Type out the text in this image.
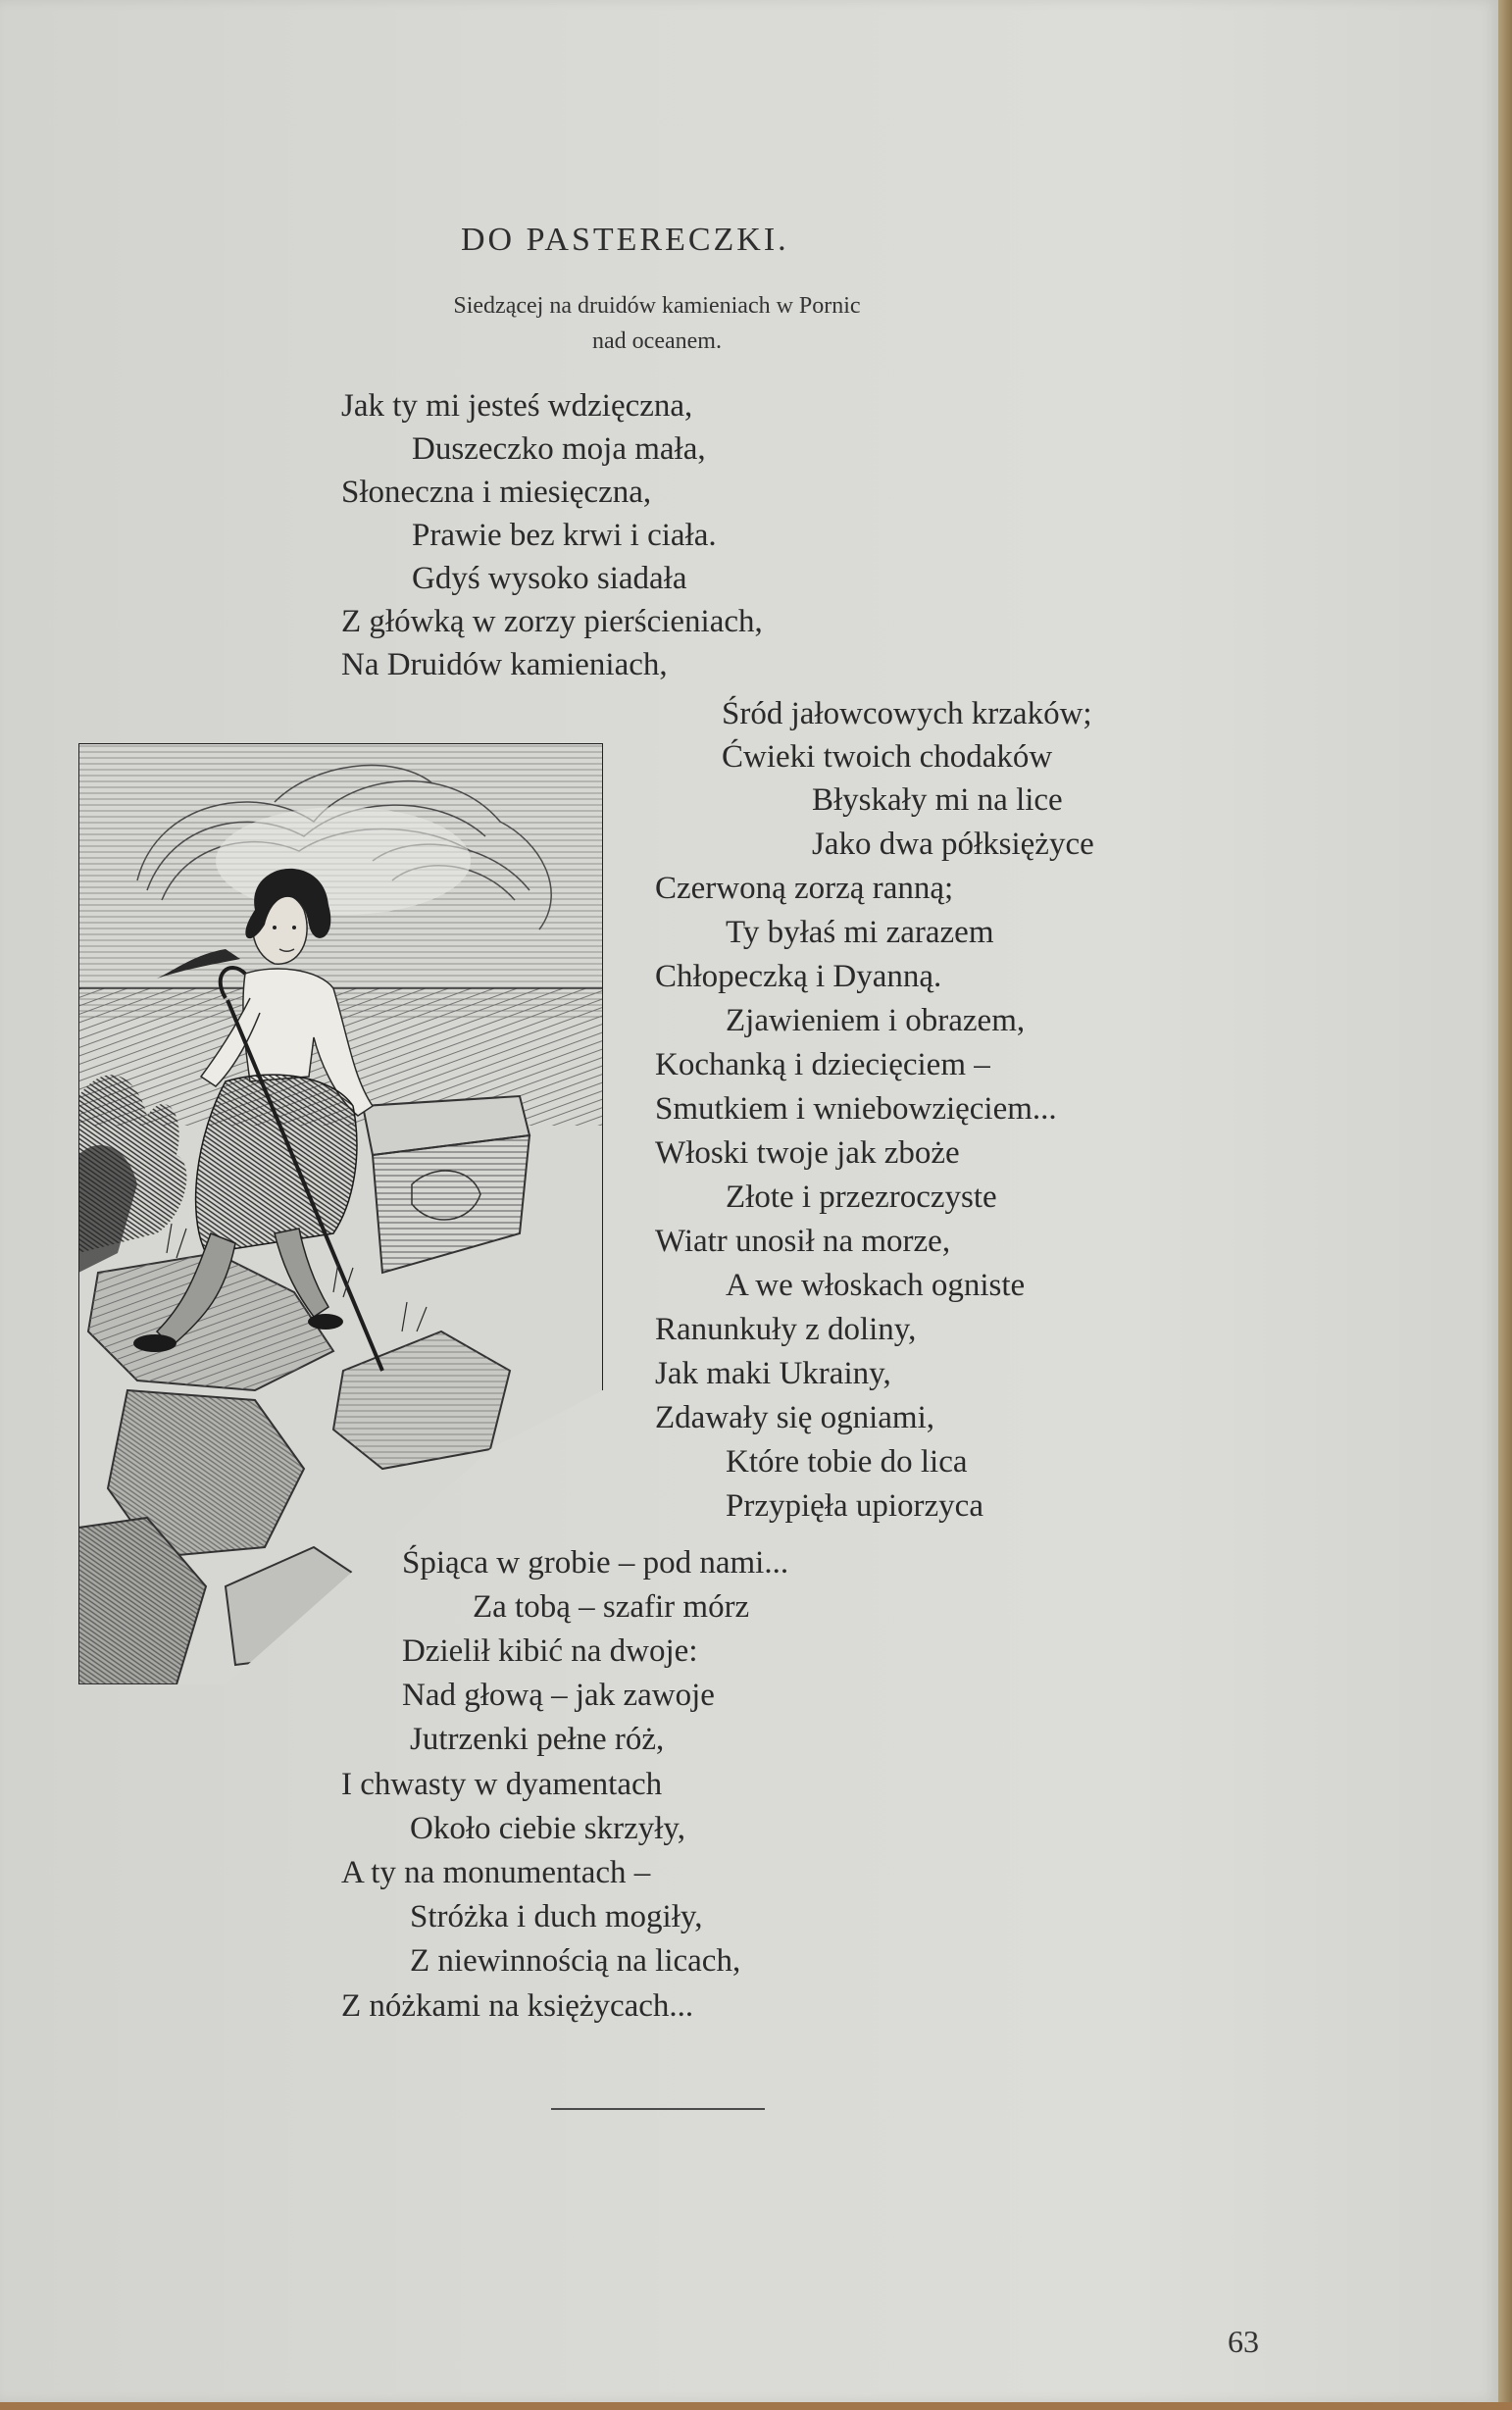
DO PASTERECZKI.
Siedzącej na druidów kamieniach w Pornic
nad oceanem.
Jak ty mi jesteś wdzięczna,
Duszeczko moja mała,
Słoneczna i miesięczna,
Prawie bez krwi i ciała.
Gdyś wysoko siadała
Z główką w zorzy pierścieniach,
Na Druidów kamieniach,
Śród jałowcowych krzaków;
Ćwieki twoich chodaków
Błyskały mi na lice
Jako dwa półksiężyce
Czerwoną zorzą ranną;
Ty byłaś mi zarazem
Chłopeczką i Dyanną.
Zjawieniem i obrazem,
Kochanką i dziecięciem –
Smutkiem i wniebowzięciem...
Włoski twoje jak zboże
Złote i przezroczyste
Wiatr unosił na morze,
A we włoskach ogniste
Ranunkuły z doliny,
Jak maki Ukrainy,
Zdawały się ogniami,
Które tobie do lica
Przypięła upiorzyca
Śpiąca w grobie – pod nami...
Za tobą – szafir mórz
Dzielił kibić na dwoje:
Nad głową – jak zawoje
Jutrzenki pełne róż,
I chwasty w dyamentach
Około ciebie skrzyły,
A ty na monumentach –
Stróżka i duch mogiły,
Z niewinnością na licach,
Z nóżkami na księżycach...
63
